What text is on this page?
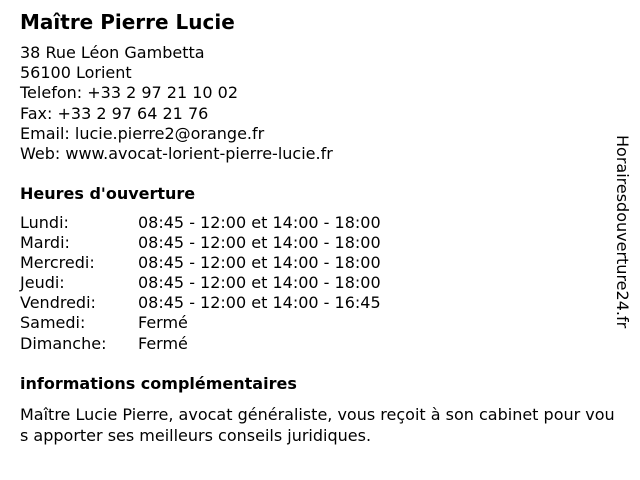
Maître Pierre Lucie
38 Rue Léon Gambetta
56100 Lorient
Telefon: +33 2 97 21 10 02
Fax: +33 2 97 64 21 76
Email: lucie.pierre2@orange.fr
Web: www.avocat-lorient-pierre-lucie.fr
Heures d'ouverture
Lundi:	08:45 - 12:00 et 14:00 - 18:00
Mardi:	08:45 - 12:00 et 14:00 - 18:00
Mercredi:	08:45 - 12:00 et 14:00 - 18:00
Jeudi:	08:45 - 12:00 et 14:00 - 18:00
Vendredi:	08:45 - 12:00 et 14:00 - 16:45
Samedi:	Fermé
Dimanche: Fermé
informations complémentaires
Maître Lucie Pierre, avocat généraliste, vous reçoit à son cabinet pour vous apporter ses meilleurs conseils juridiques.
Horairesdouverture24.fr
